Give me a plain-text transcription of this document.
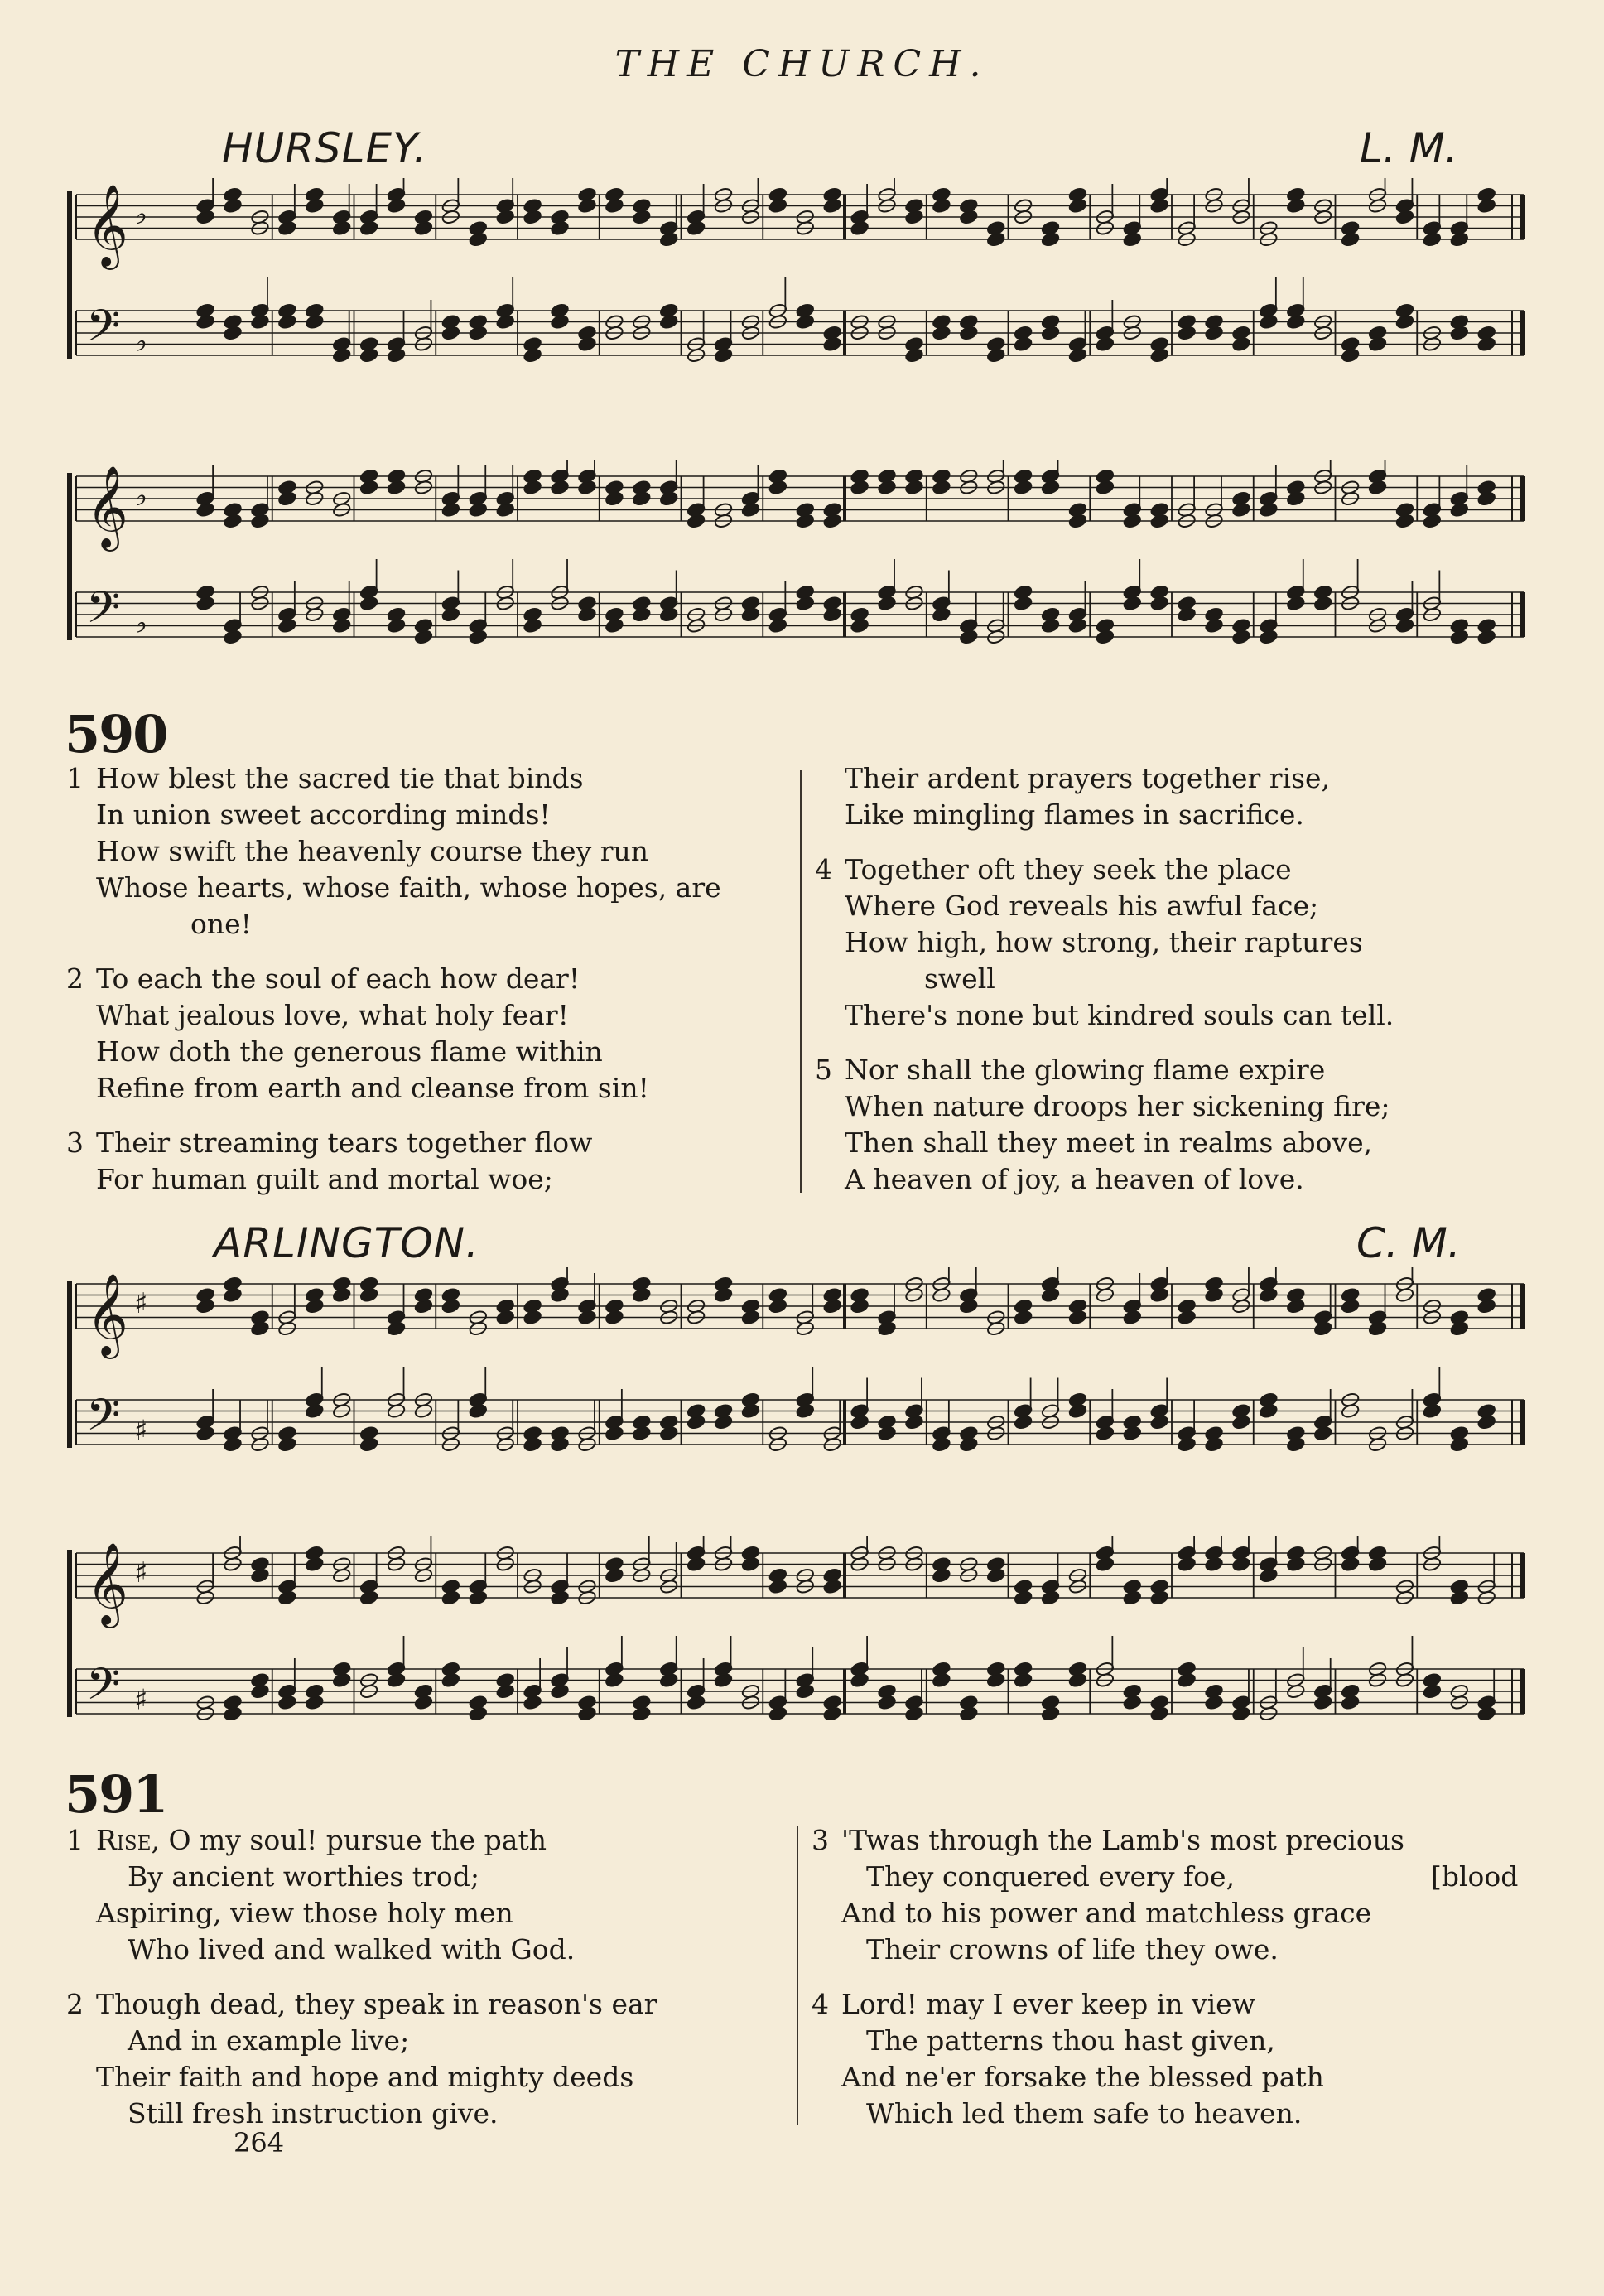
THE CHURCH.
HURSLEY.	L. M.
𝄞
𝄢
♭
♭
𝄞
𝄢
♭
♭
590
1 How blest the sacred tie that binds
In union sweet according minds!
How swift the heavenly course they run
Whose hearts, whose faith, whose hopes, are
one!
2 To each the soul of each how dear!
What jealous love, what holy fear!
How doth the generous flame within
Refine from earth and cleanse from sin!
3 Their streaming tears together flow
For human guilt and mortal woe;
Their ardent prayers together rise,
Like mingling flames in sacrifice.
4 Together oft they seek the place
Where God reveals his awful face;
How high, how strong, their raptures
swell
There's none but kindred souls can tell.
5 Nor shall the glowing flame expire
When nature droops her sickening fire;
Then shall they meet in realms above,
A heaven of joy, a heaven of love.
ARLINGTON.	C. M.
𝄞
𝄢
♯
♯
𝄞
𝄢
♯
♯
591
1 Rise, O my soul! pursue the path
By ancient worthies trod;
Aspiring, view those holy men
Who lived and walked with God.
2 Though dead, they speak in reason's ear
And in example live;
Their faith and hope and mighty deeds
Still fresh instruction give.
3 'Twas through the Lamb's most precious
They conquered every foe,	[blood
And to his power and matchless grace
Their crowns of life they owe.
4 Lord! may I ever keep in view
The patterns thou hast given,
And ne'er forsake the blessed path
Which led them safe to heaven.
264
